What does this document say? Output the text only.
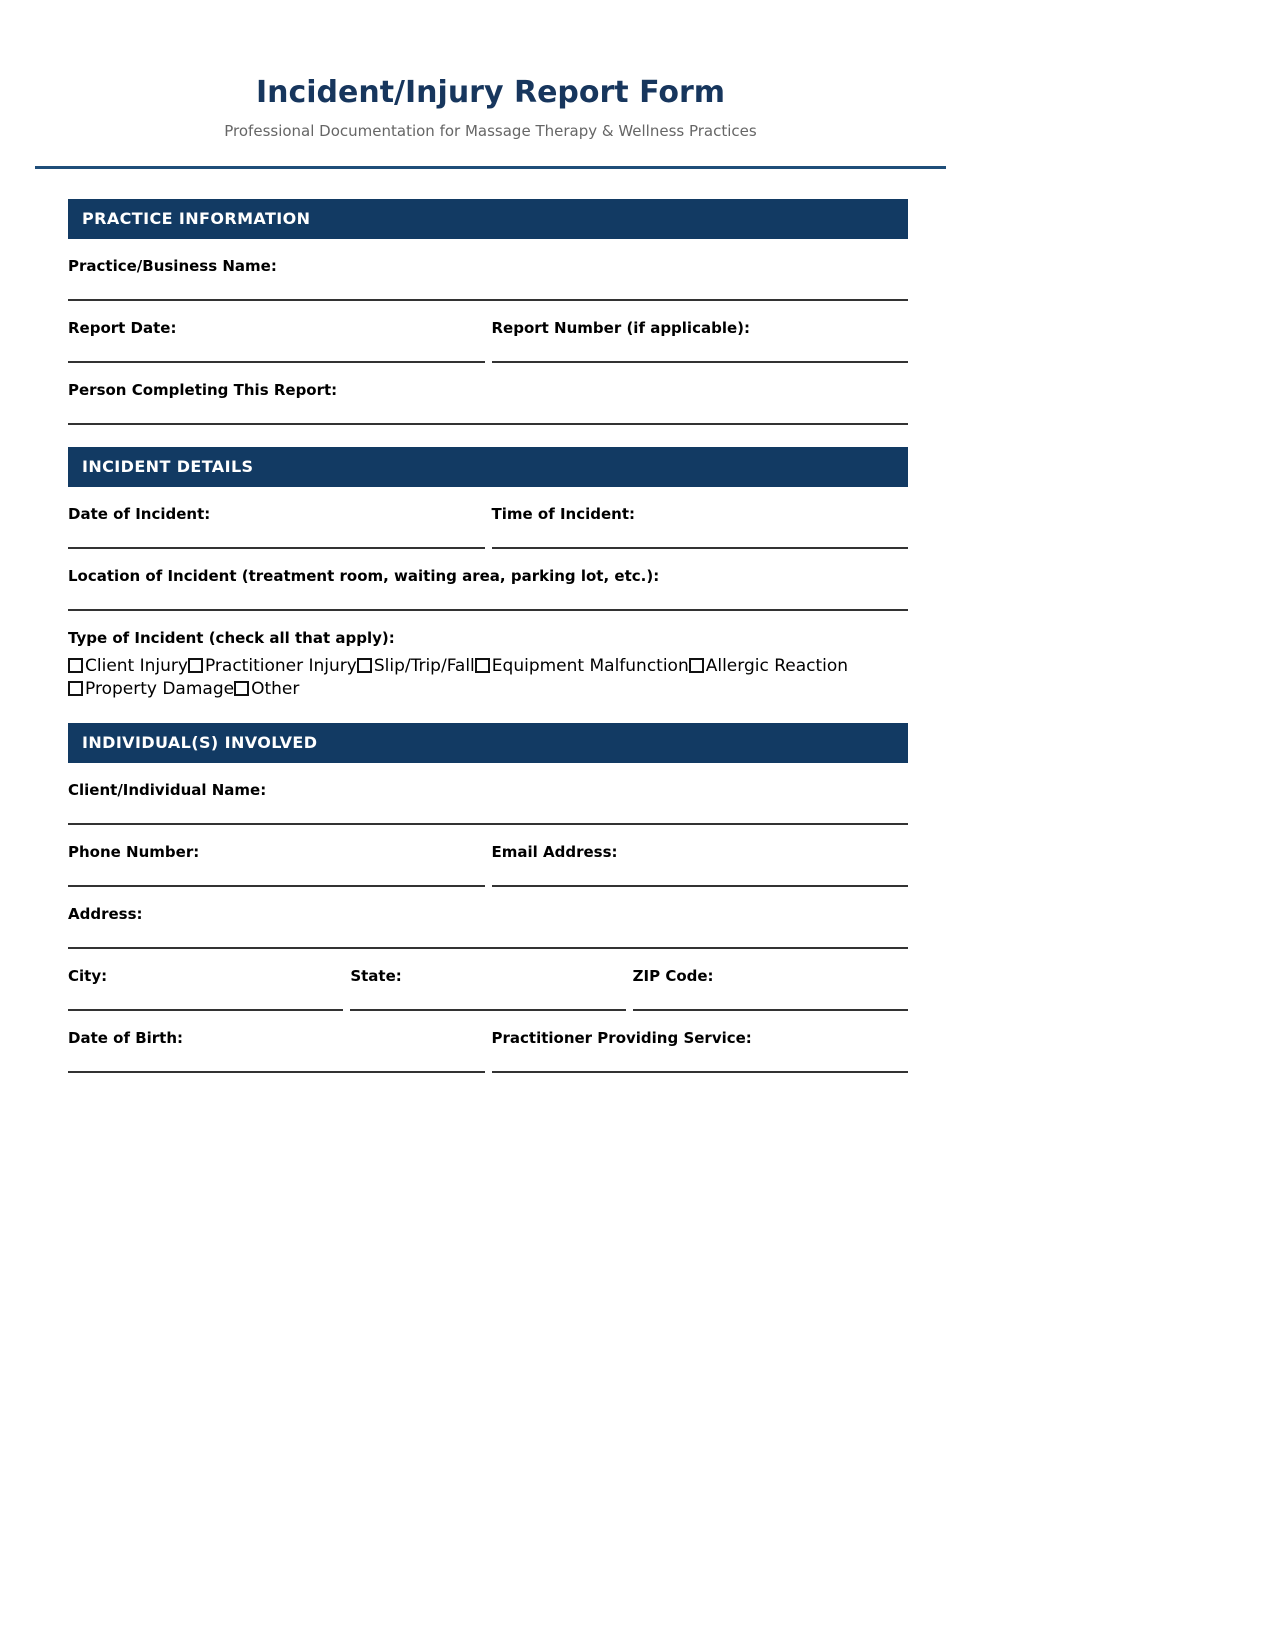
Incident/Injury Report Form
Professional Documentation for Massage Therapy & Wellness Practices
PRACTICE INFORMATION
Practice/Business Name:
Report Date:	Report Number (if applicable):
Person Completing This Report:
INCIDENT DETAILS
Date of Incident:	Time of Incident:
Location of Incident (treatment room, waiting area, parking lot, etc.):
Type of Incident (check all that apply):
Client Injury Practitioner Injury Slip/Trip/Fall Equipment Malfunction Allergic ReactionProperty Damage Other
INDIVIDUAL(S) INVOLVED
Client/Individual Name:
Phone Number:	Email Address:
Address:
City:	State:	ZIP Code:
Date of Birth:	Practitioner Providing Service:
